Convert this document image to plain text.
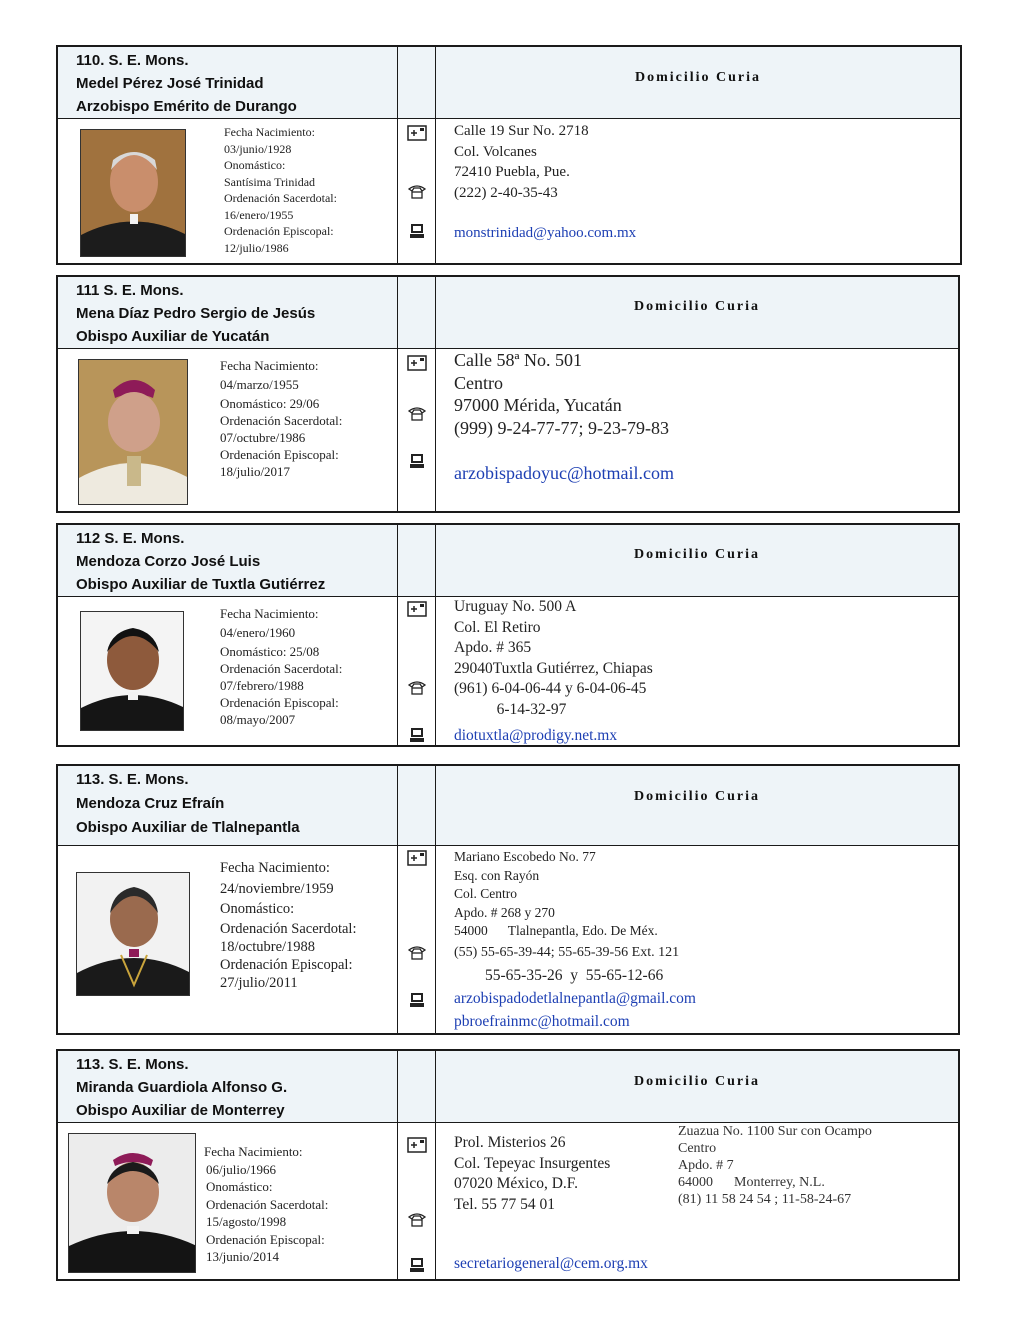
110. S. E. Mons.
Medel Pérez José Trinidad
Arzobispo Emérito de Durango
Domicilio Curia
Fecha Nacimiento:
03/junio/1928
Onomástico:
Santísima Trinidad
Ordenación Sacerdotal:
16/enero/1955
Ordenación Episcopal:
12/julio/1986
Calle 19 Sur No. 2718
Col. Volcanes
72410 Puebla, Pue.
(222) 2-40-35-43
monstrinidad@yahoo.com.mx
111 S. E. Mons.
Mena Díaz Pedro Sergio de Jesús
Obispo Auxiliar de Yucatán
Domicilio Curia
Fecha Nacimiento:
04/marzo/1955
Onomástico: 29/06
Ordenación Sacerdotal:
07/octubre/1986
Ordenación Episcopal:
18/julio/2017
Calle 58ª No. 501
Centro
97000 Mérida, Yucatán
(999) 9-24-77-77; 9-23-79-83
arzobispadoyuc@hotmail.com
112 S. E. Mons.
Mendoza Corzo José Luis
Obispo Auxiliar de Tuxtla Gutiérrez
Domicilio Curia
Fecha Nacimiento:
04/enero/1960
Onomástico: 25/08
Ordenación Sacerdotal:
07/febrero/1988
Ordenación Episcopal:
08/mayo/2007
Uruguay No. 500 A
Col. El Retiro
Apdo. # 365
29040Tuxtla Gutiérrez, Chiapas
(961) 6-04-06-44 y 6-04-06-45
6-14-32-97
diotuxtla@prodigy.net.mx
113. S. E. Mons.
Mendoza Cruz Efraín
Obispo Auxiliar de Tlalnepantla
Domicilio Curia
Fecha Nacimiento:
24/noviembre/1959
Onomástico:
Ordenación Sacerdotal:
18/octubre/1988
Ordenación Episcopal:
27/julio/2011
Mariano Escobedo No. 77
Esq. con Rayón
Col. Centro
Apdo. # 268 y 270
54000      Tlalnepantla, Edo. De Méx.
(55) 55-65-39-44; 55-65-39-56 Ext. 121
55-65-35-26  y  55-65-12-66
arzobispadodetlalnepantla@gmail.com
pbroefrainmc@hotmail.com
113. S. E. Mons.
Miranda Guardiola Alfonso G.
Obispo Auxiliar de Monterrey
Domicilio Curia
Fecha Nacimiento:
06/julio/1966
Onomástico:
Ordenación Sacerdotal:
15/agosto/1998
Ordenación Episcopal:
13/junio/2014
Prol. Misterios 26
Col. Tepeyac Insurgentes
07020 México, D.F.
Tel. 55 77 54 01
Zuazua No. 1100 Sur con Ocampo
Centro
Apdo. # 7
64000      Monterrey, N.L.
(81) 11 58 24 54 ; 11-58-24-67
secretariogeneral@cem.org.mx
